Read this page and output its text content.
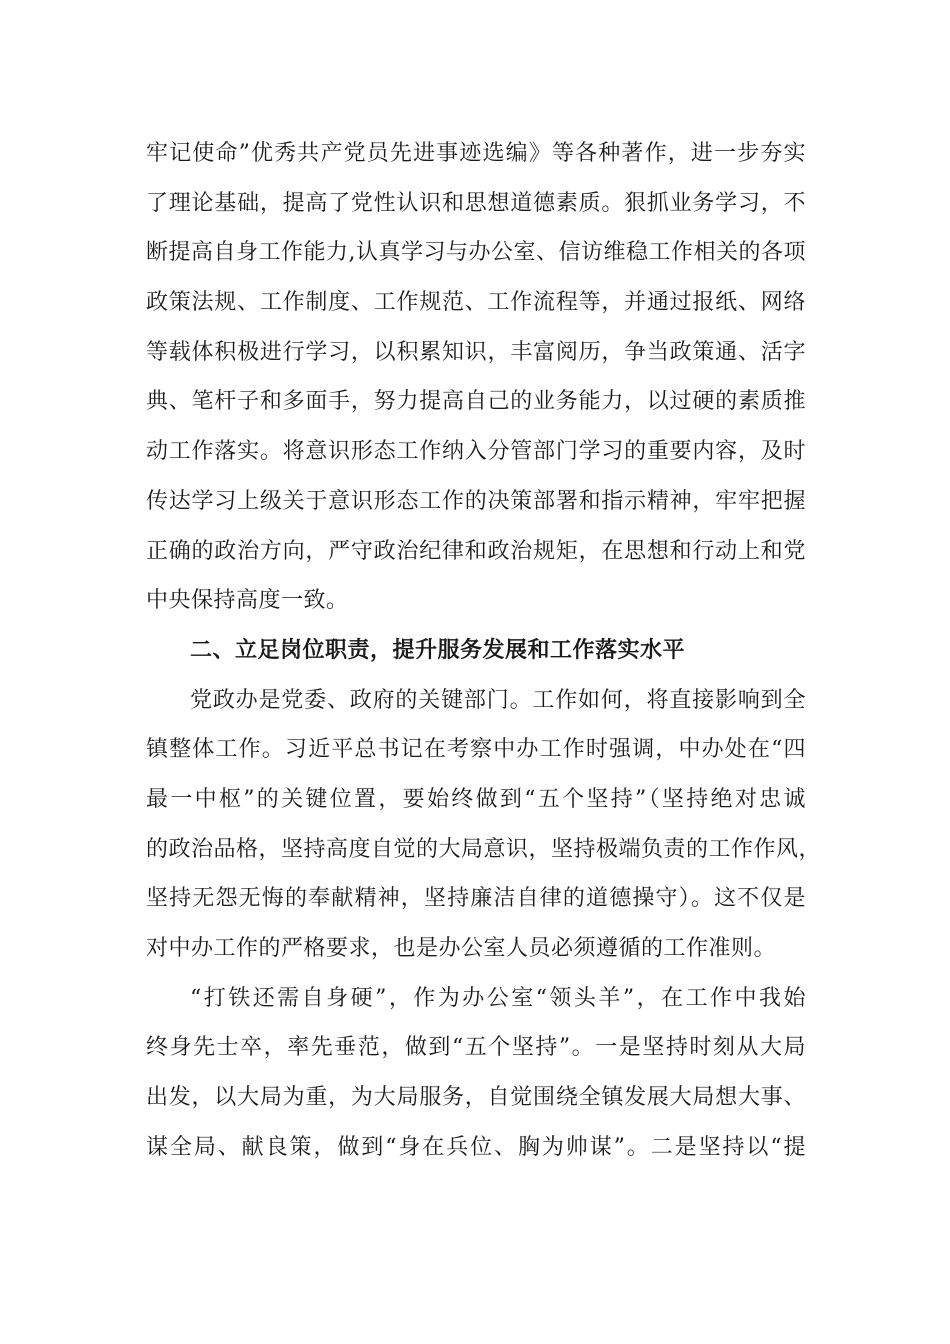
牢记使命”优秀共产党员先进事迹选编》等各种著作，进一步夯实
了理论基础，提高了党性认识和思想道德素质。狠抓业务学习，不
断提高自身工作能力,认真学习与办公室、信访维稳工作相关的各项
政策法规、工作制度、工作规范、工作流程等，并通过报纸、网络
等载体积极进行学习，以积累知识，丰富阅历，争当政策通、活字
典、笔杆子和多面手，努力提高自己的业务能力，以过硬的素质推
动工作落实。将意识形态工作纳入分管部门学习的重要内容，及时
传达学习上级关于意识形态工作的决策部署和指示精神，牢牢把握
正确的政治方向，严守政治纪律和政治规矩，在思想和行动上和党
中央保持高度一致。
二、立足岗位职责，提升服务发展和工作落实水平
党政办是党委、政府的关键部门。工作如何，将直接影响到全
镇整体工作。习近平总书记在考察中办工作时强调，中办处在“四
最一中枢”的关键位置，要始终做到“五个坚持”（坚持绝对忠诚
的政治品格，坚持高度自觉的大局意识，坚持极端负责的工作作风，
坚持无怨无悔的奉献精神，坚持廉洁自律的道德操守）。这不仅是
对中办工作的严格要求，也是办公室人员必须遵循的工作准则。
“打铁还需自身硬”，作为办公室“领头羊”，在工作中我始
终身先士卒，率先垂范，做到“五个坚持”。一是坚持时刻从大局
出发，以大局为重，为大局服务，自觉围绕全镇发展大局想大事、
谋全局、献良策，做到“身在兵位、胸为帅谋”。二是坚持以“提
